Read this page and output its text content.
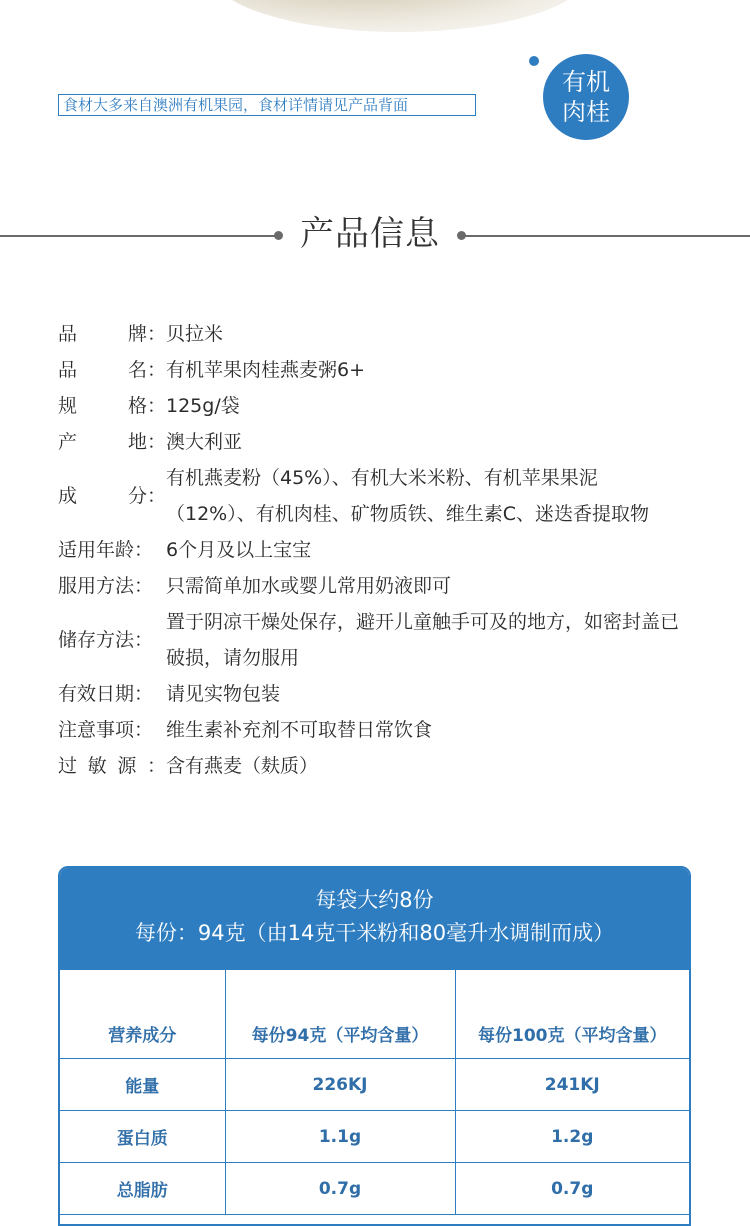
食材大多来自澳洲有机果园，食材详情请见产品背面
有机
肉桂
产品信息
品	牌： 贝拉米
品	名： 有机苹果肉桂燕麦粥6+
规	格： 125g/袋
产	地： 澳大利亚
成	分：
有机燕麦粉（45%）、有机大米米粉、有机苹果果泥（12%）、有机肉桂、矿物质铁、维生素C、迷迭香提取物
适用年龄： 6个月及以上宝宝
服用方法： 只需简单加水或婴儿常用奶液即可
储存方法：
置于阴凉干燥处保存，避开儿童触手可及的地方，如密封盖已破损，请勿服用
有效日期： 请见实物包装
注意事项： 维生素补充剂不可取替日常饮食
过 敏 源 ： 含有燕麦（麸质）
每袋大约8份
每份：94克（由14克干米粉和80毫升水调制而成）
营养成分	每份94克（平均含量）	每份100克（平均含量）
能量	226KJ	241KJ
蛋白质	1.1g	1.2g
总脂肪	0.7g	0.7g
